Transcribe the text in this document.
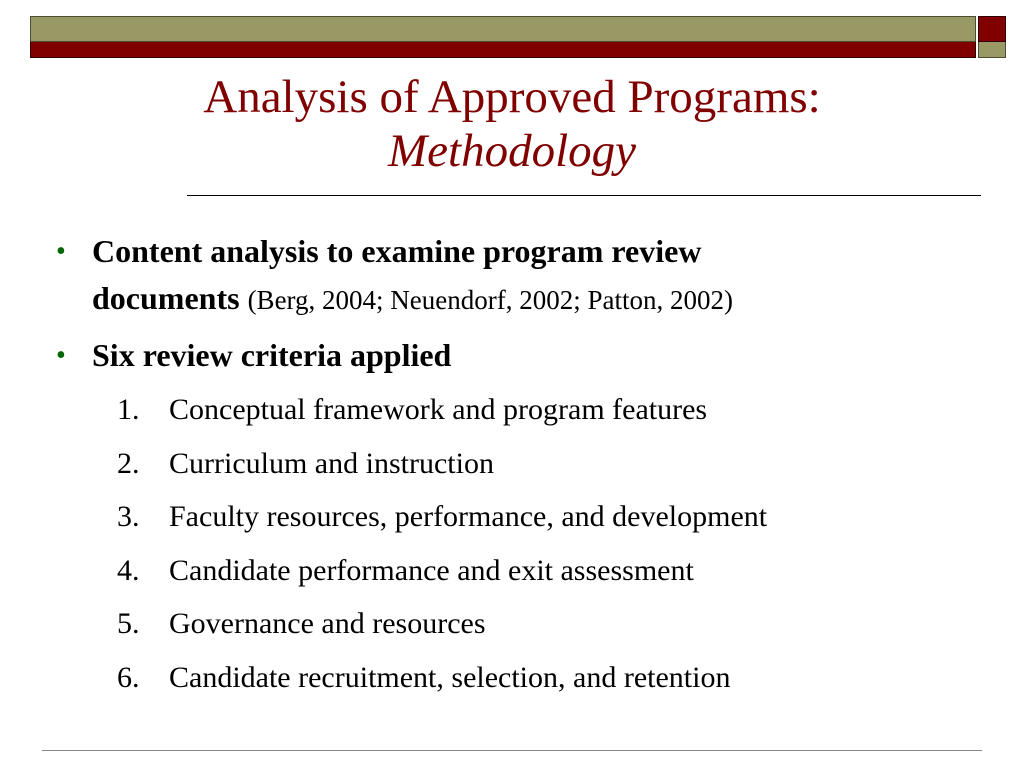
Analysis of Approved Programs:
Methodology
• Content analysis to examine program review
documents (Berg, 2004; Neuendorf, 2002; Patton, 2002)
• Six review criteria applied
1. Conceptual framework and program features
2. Curriculum and instruction
3. Faculty resources, performance, and development
4. Candidate performance and exit assessment
5. Governance and resources
6. Candidate recruitment, selection, and retention
